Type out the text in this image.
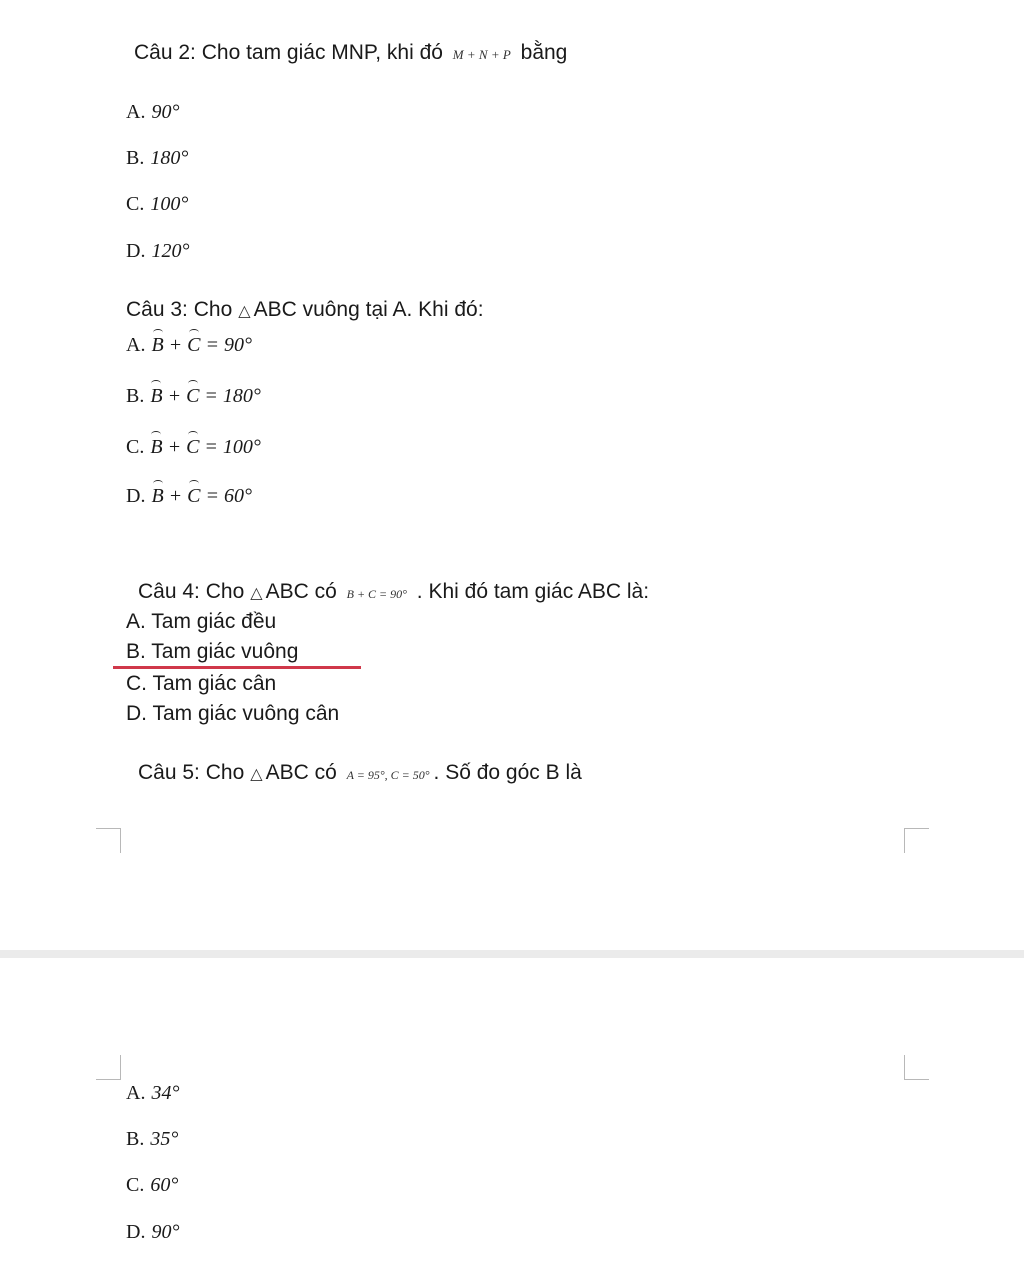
Câu 2: Cho tam giác MNP, khi đó M + N + P bằng
A. 90°
B. 180°
C. 100°
D. 120°
Câu 3: Cho △ ABC vuông tại A. Khi đó:
A. B + C = 90°
B. B + C = 180°
C. B + C = 100°
D. B + C = 60°
Câu 4: Cho △ ABC có B + C = 90° . Khi đó tam giác ABC là:
A. Tam giác đều
B. Tam giác vuông
C. Tam giác cân
D. Tam giác vuông cân
Câu 5: Cho △ ABC có A = 95°, C = 50° . Số đo góc B là
A. 34°
B. 35°
C. 60°
D. 90°
